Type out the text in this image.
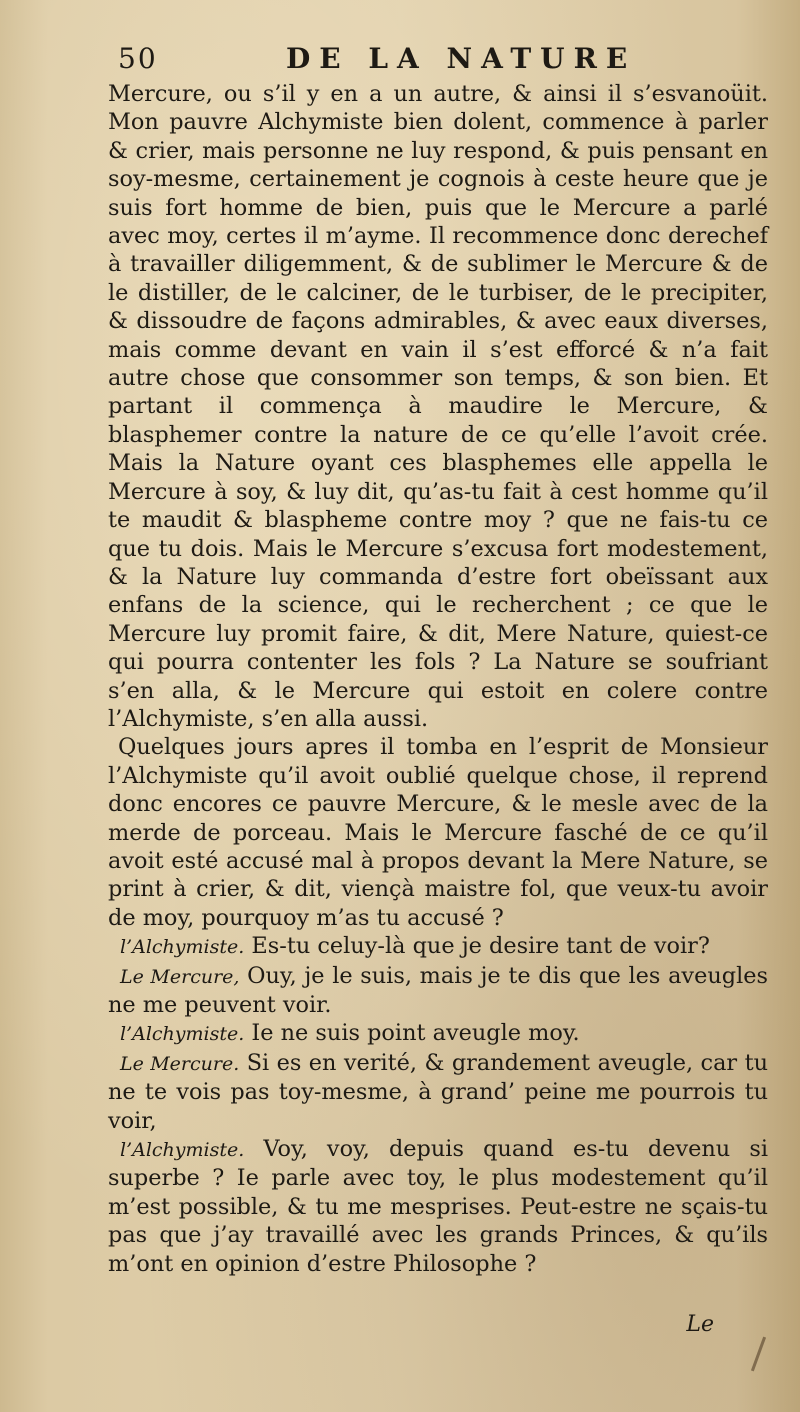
50	DE LA NATURE

Mercure, ou s’il y en a un autre, & ainsi il s’esvanoüit. Mon pauvre Alchymiste bien dolent, commence à parler & crier, mais personne ne luy respond, & puis pensant en soy-mesme, certainement je cognois à ceste heure que je suis fort homme de bien, puis que le Mercure a parlé avec moy, certes il m’ayme. Il recommence donc derechef à travailler diligemment, & de sublimer le Mercure & de le distiller, de le calciner, de le turbiser, de le precipiter, & dissoudre de façons admirables, & avec eaux diverses, mais comme devant en vain il s’est efforcé & n’a fait autre chose que consommer son temps, & son bien. Et partant il commença à maudire le Mercure, & blasphemer contre la nature de ce qu’elle l’avoit crée. Mais la Nature oyant ces blasphemes elle appella le Mercure à soy, & luy dit, qu’as-tu fait à cest homme qu’il te maudit & blaspheme contre moy ? que ne fais-tu ce que tu dois. Mais le Mercure s’excusa fort modestement, & la Nature luy commanda d’estre fort obeïssant aux enfans de la science, qui le recherchent ; ce que le Mercure luy promit faire, & dit, Mere Nature, quiest-ce qui pourra contenter les fols ? La Nature se soufriant s’en alla, & le Mercure qui estoit en colere contre l’Alchymiste, s’en alla aussi.

Quelques jours apres il tomba en l’esprit de Monsieur l’Alchymiste qu’il avoit oublié quelque chose, il reprend donc encores ce pauvre Mercure, & le mesle avec de la merde de porceau. Mais le Mercure fasché de ce qu’il avoit esté accusé mal à propos devant la Mere Nature, se print à crier, & dit, viençà maistre fol, que veux-tu avoir de moy, pourquoy m’as tu accusé ?

l’Alchymiste. Es-tu celuy-là que je desire tant de voir?

Le Mercure, Ouy, je le suis, mais je te dis que les aveugles ne me peuvent voir.

l’Alchymiste. Ie ne suis point aveugle moy.

Le Mercure. Si es en verité, & grandement aveugle, car tu ne te vois pas toy-mesme, à grand’ peine me pourrois tu voir,

l’Alchymiste. Voy, voy, depuis quand es-tu devenu si superbe ? Ie parle avec toy, le plus modestement qu’il m’est possible, & tu me mesprises. Peut-estre ne sçais-tu pas que j’ay travaillé avec les grands Princes, & qu’ils m’ont en opinion d’estre Philosophe ?

Le
